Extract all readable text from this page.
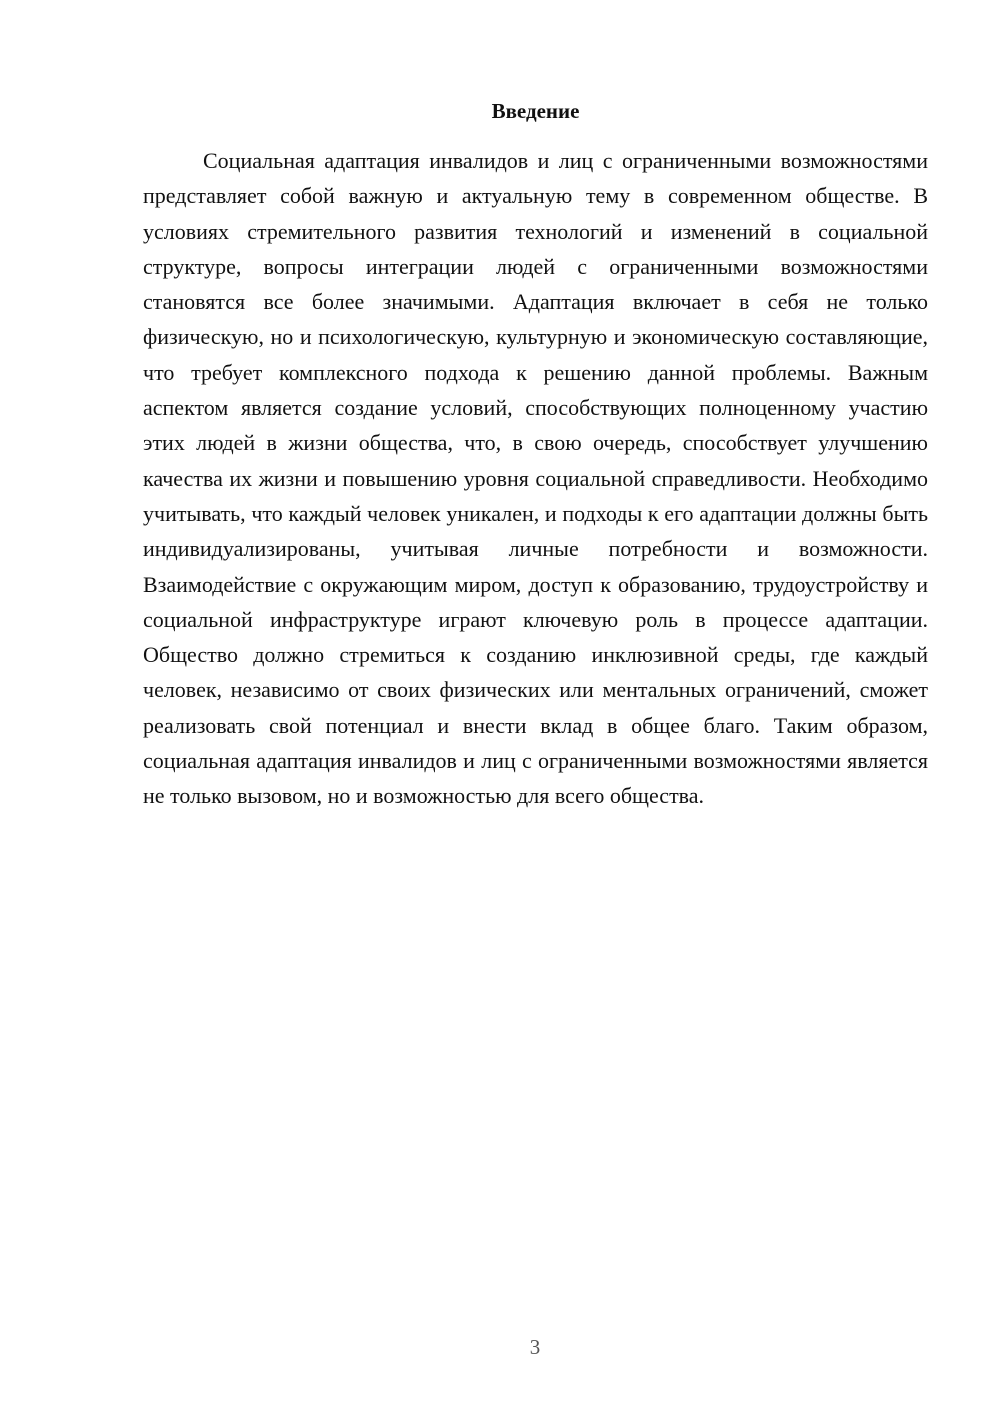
Введение

Социальная адаптация инвалидов и лиц с ограниченными возможностями представляет собой важную и актуальную тему в современном обществе. В условиях стремительного развития технологий и изменений в социальной структуре, вопросы интеграции людей с ограниченными возможностями становятся все более значимыми. Адаптация включает в себя не только физическую, но и психологическую, культурную и экономическую составляющие, что требует комплексного подхода к решению данной проблемы. Важным аспектом является создание условий, способствующих полноценному участию этих людей в жизни общества, что, в свою очередь, способствует улучшению качества их жизни и повышению уровня социальной справедливости. Необходимо учитывать, что каждый человек уникален, и подходы к его адаптации должны быть индивидуализированы, учитывая личные потребности и возможности. Взаимодействие с окружающим миром, доступ к образованию, трудоустройству и социальной инфраструктуре играют ключевую роль в процессе адаптации. Общество должно стремиться к созданию инклюзивной среды, где каждый человек, независимо от своих физических или ментальных ограничений, сможет реализовать свой потенциал и внести вклад в общее благо. Таким образом, социальная адаптация инвалидов и лиц с ограниченными возможностями является не только вызовом, но и возможностью для всего общества.

3
